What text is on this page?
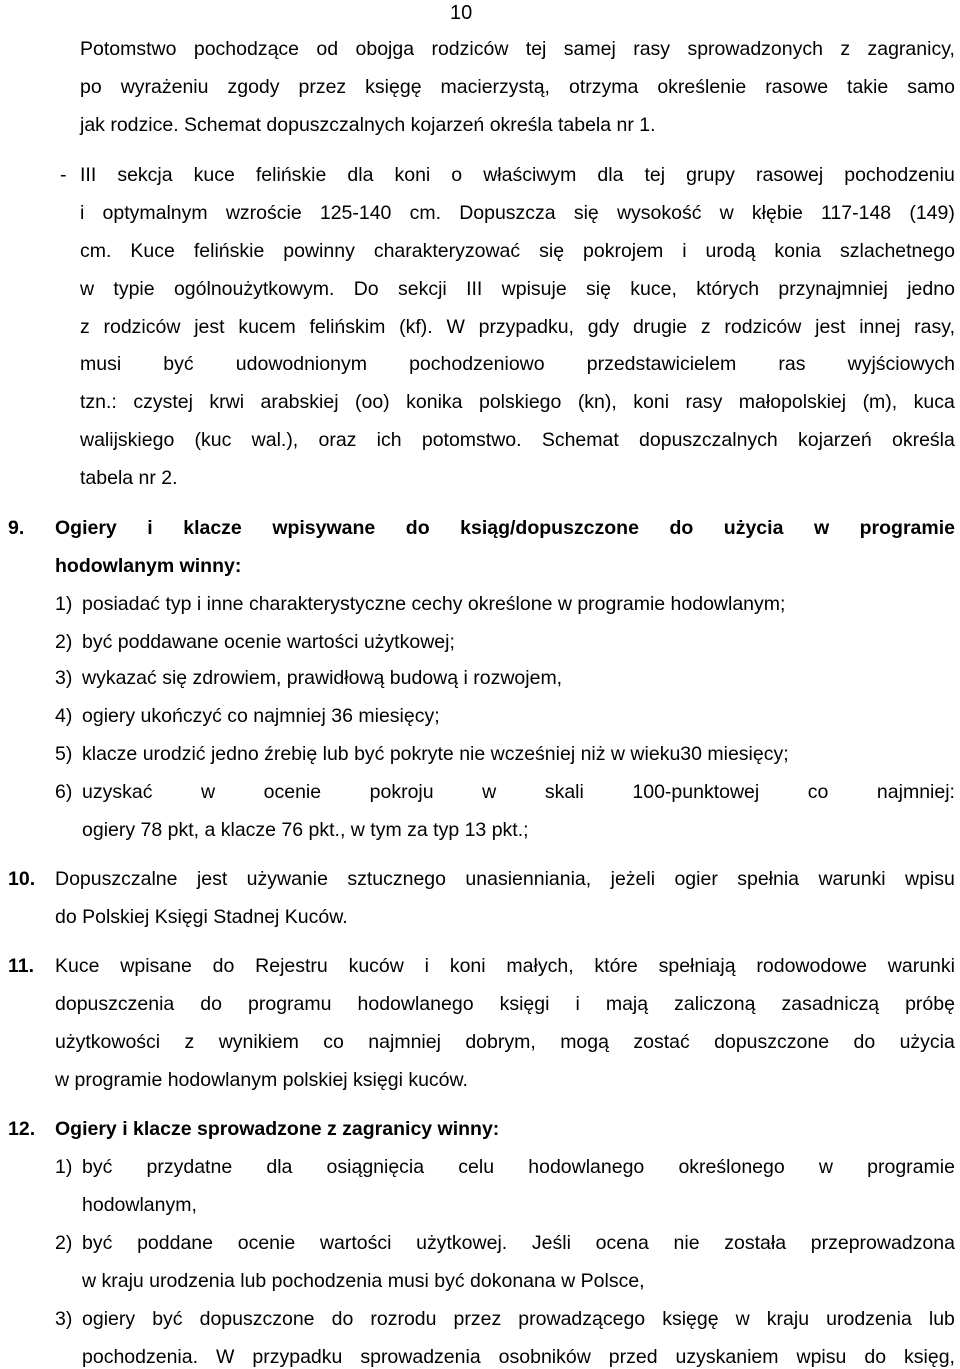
10
Potomstwo pochodzące od obojga rodziców tej samej rasy sprowadzonych z zagranicy,
po wyrażeniu zgody przez księgę macierzystą, otrzyma określenie rasowe takie samo
jak rodzice. Schemat dopuszczalnych kojarzeń określa tabela nr 1.
- III sekcja kuce felińskie dla koni o właściwym dla tej grupy rasowej pochodzeniu
i optymalnym wzroście 125-140 cm. Dopuszcza się wysokość w kłębie 117-148 (149)
cm. Kuce felińskie powinny charakteryzować się pokrojem i urodą konia szlachetnego
w typie ogólnoużytkowym. Do sekcji III wpisuje się kuce, których przynajmniej jedno
z rodziców jest kucem felińskim (kf). W przypadku, gdy drugie z rodziców jest innej rasy,
musi być udowodnionym pochodzeniowo przedstawicielem ras wyjściowych
tzn.: czystej krwi arabskiej (oo) konika polskiego (kn), koni rasy małopolskiej (m), kuca
walijskiego (kuc wal.), oraz ich potomstwo. Schemat dopuszczalnych kojarzeń określa
tabela nr 2.
9. Ogiery i klacze wpisywane do ksiąg/dopuszczone do użycia w programie
hodowlanym winny:
1) posiadać typ i inne charakterystyczne cechy określone w programie hodowlanym;
2) być poddawane ocenie wartości użytkowej;
3) wykazać się zdrowiem, prawidłową budową i rozwojem,
4) ogiery ukończyć co najmniej 36 miesięcy;
5) klacze urodzić jedno źrebię lub być pokryte nie wcześniej niż w wieku30 miesięcy;
6) uzyskać w ocenie pokroju w skali 100-punktowej co najmniej:
ogiery 78 pkt, a klacze 76 pkt., w tym za typ 13 pkt.;
10. Dopuszczalne jest używanie sztucznego unasienniania, jeżeli ogier spełnia warunki wpisu
do Polskiej Księgi Stadnej Kuców.
11. Kuce wpisane do Rejestru kuców i koni małych, które spełniają rodowodowe warunki
dopuszczenia do programu hodowlanego księgi i mają zaliczoną zasadniczą próbę
użytkowości z wynikiem co najmniej dobrym, mogą zostać dopuszczone do użycia
w programie hodowlanym polskiej księgi kuców.
12. Ogiery i klacze sprowadzone z zagranicy winny:
1) być przydatne dla osiągnięcia celu hodowlanego określonego w programie
hodowlanym,
2) być poddane ocenie wartości użytkowej. Jeśli ocena nie została przeprowadzona
w kraju urodzenia lub pochodzenia musi być dokonana w Polsce,
3) ogiery być dopuszczone do rozrodu przez prowadzącego księgę w kraju urodzenia lub
pochodzenia. W przypadku sprowadzenia osobników przed uzyskaniem wpisu do księg,
